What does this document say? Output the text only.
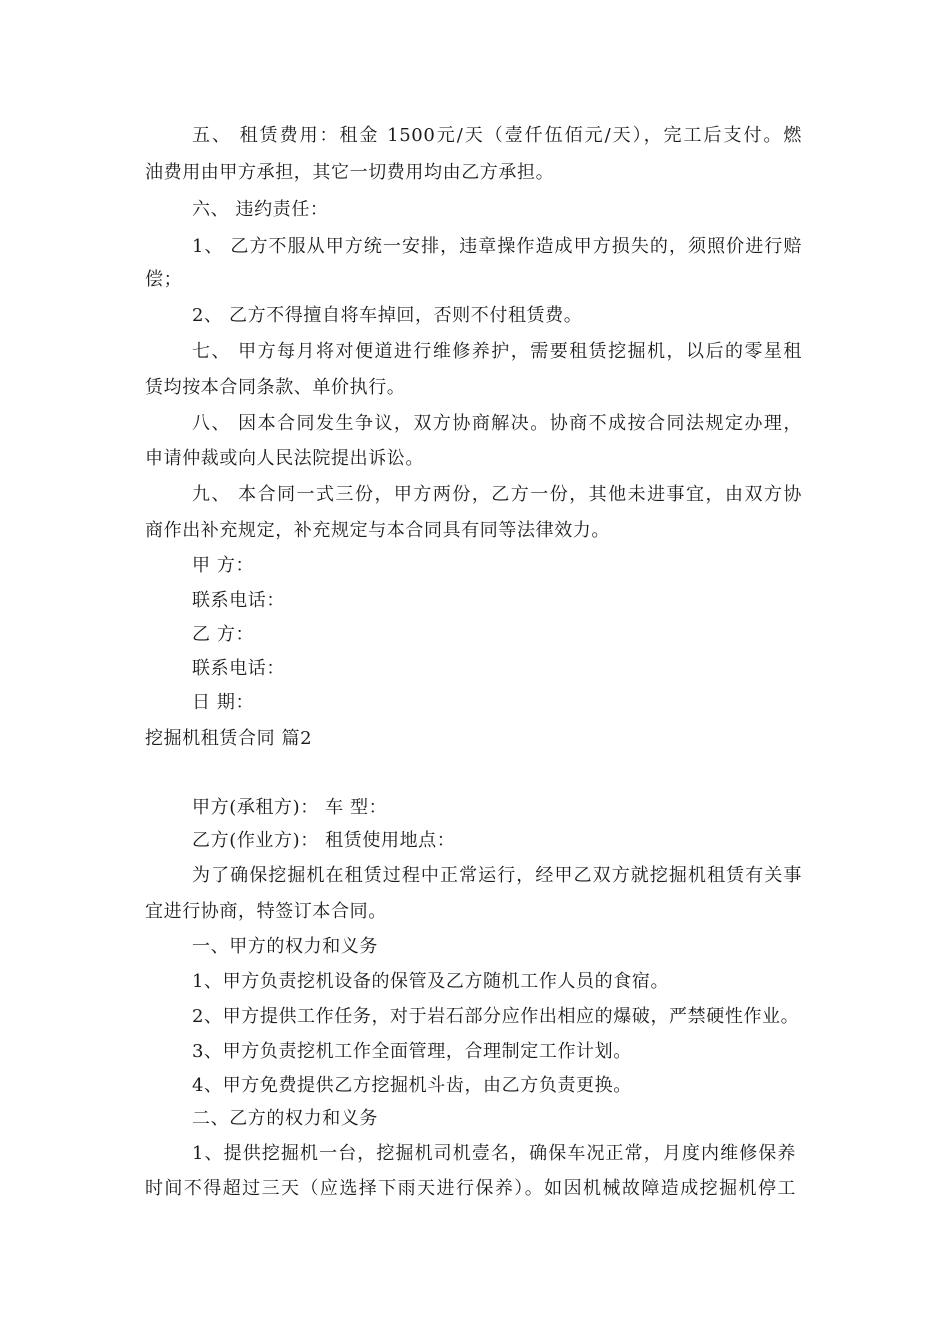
五、 租赁费用：租金 1500元/天（壹仟伍佰元/天），完工后支付。燃
油费用由甲方承担，其它一切费用均由乙方承担。
六、 违约责任：
1、 乙方不服从甲方统一安排，违章操作造成甲方损失的，须照价进行赔
偿；
2、 乙方不得擅自将车掉回，否则不付租赁费。
七、 甲方每月将对便道进行维修养护，需要租赁挖掘机，以后的零星租
赁均按本合同条款、单价执行。
八、 因本合同发生争议，双方协商解决。协商不成按合同法规定办理，
申请仲裁或向人民法院提出诉讼。
九、 本合同一式三份，甲方两份，乙方一份，其他未进事宜，由双方协
商作出补充规定，补充规定与本合同具有同等法律效力。
甲 方：
联系电话：
乙 方：
联系电话：
日 期：
挖掘机租赁合同 篇2
甲方(承租方)： 车 型：
乙方(作业方)： 租赁使用地点：
为了确保挖掘机在租赁过程中正常运行，经甲乙双方就挖掘机租赁有关事
宜进行协商，特签订本合同。
一、甲方的权力和义务
1、甲方负责挖机设备的保管及乙方随机工作人员的食宿。
2、甲方提供工作任务，对于岩石部分应作出相应的爆破，严禁硬性作业。
3、甲方负责挖机工作全面管理，合理制定工作计划。
4、甲方免费提供乙方挖掘机斗齿，由乙方负责更换。
二、乙方的权力和义务
1、提供挖掘机一台，挖掘机司机壹名，确保车况正常，月度内维修保养
时间不得超过三天（应选择下雨天进行保养）。如因机械故障造成挖掘机停工
